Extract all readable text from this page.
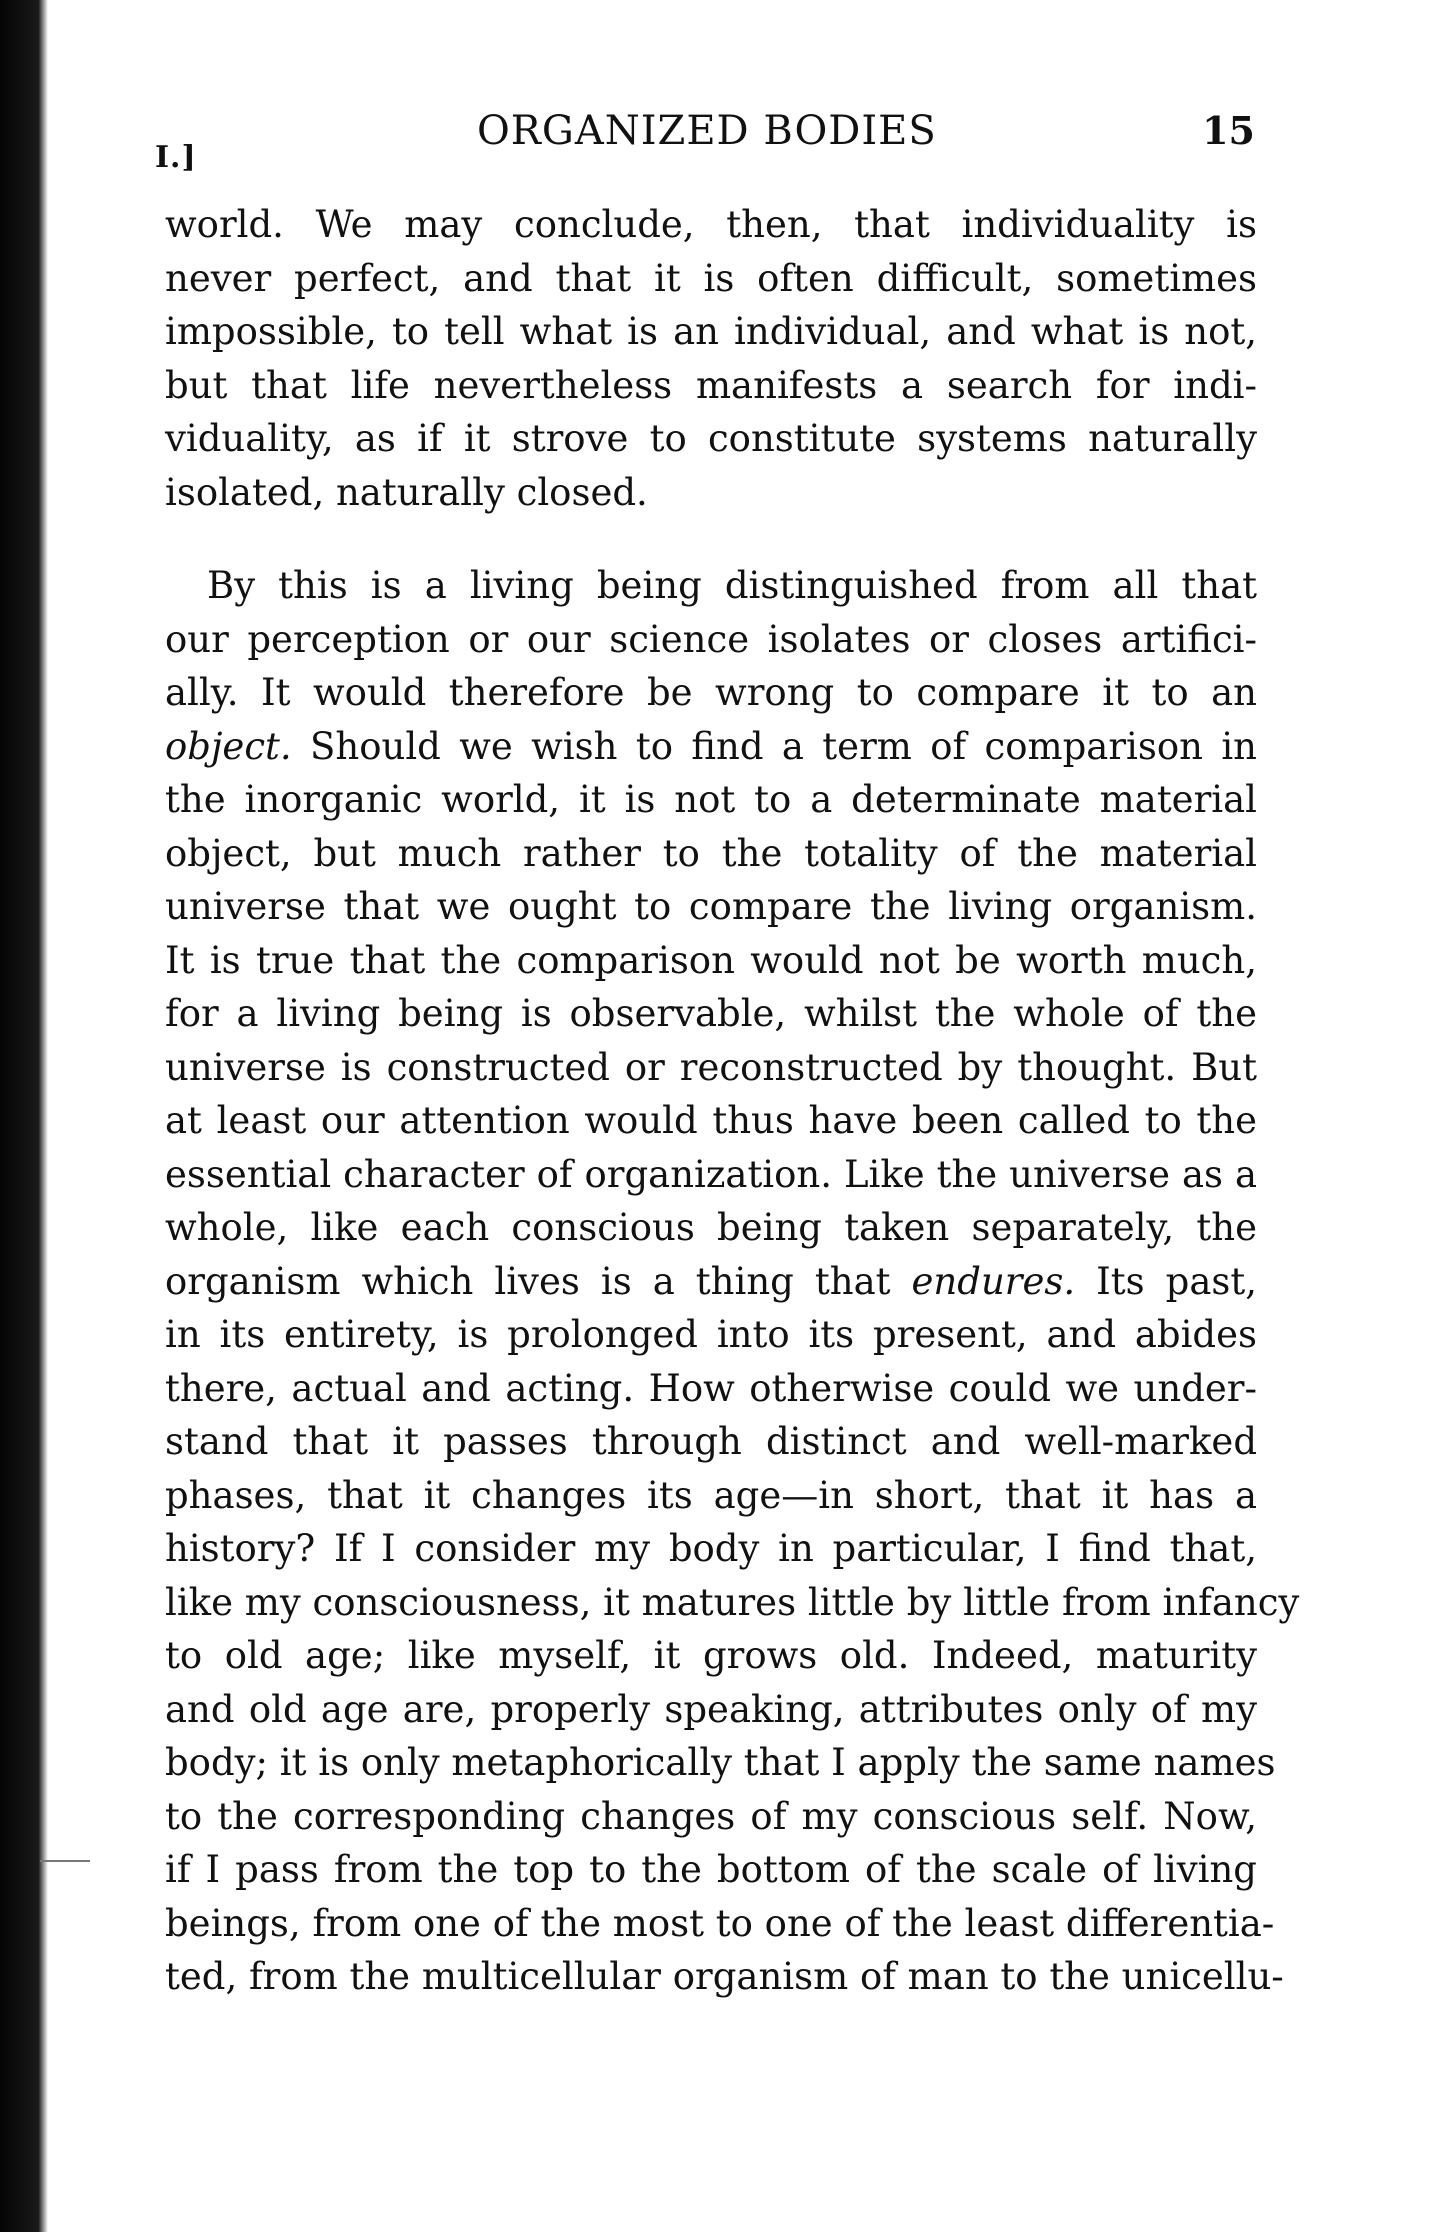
I.]
ORGANIZED BODIES	15
world. We may conclude, then, that individuality is
never perfect, and that it is often difficult, sometimes
impossible, to tell what is an individual, and what is not,
but that life nevertheless manifests a search for indi-
viduality, as if it strove to constitute systems naturally
isolated, naturally closed.
By this is a living being distinguished from all that
our perception or our science isolates or closes artifici-
ally. It would therefore be wrong to compare it to an
object. Should we wish to find a term of comparison in
the inorganic world, it is not to a determinate material
object, but much rather to the totality of the material
universe that we ought to compare the living organism.
It is true that the comparison would not be worth much,
for a living being is observable, whilst the whole of the
universe is constructed or reconstructed by thought. But
at least our attention would thus have been called to the
essential character of organization. Like the universe as a
whole, like each conscious being taken separately, the
organism which lives is a thing that endures. Its past,
in its entirety, is prolonged into its present, and abides
there, actual and acting. How otherwise could we under-
stand that it passes through distinct and well-marked
phases, that it changes its age—in short, that it has a
history? If I consider my body in particular, I find that,
like my consciousness, it matures little by little from infancy
to old age; like myself, it grows old. Indeed, maturity
and old age are, properly speaking, attributes only of my
body; it is only metaphorically that I apply the same names
to the corresponding changes of my conscious self. Now,
if I pass from the top to the bottom of the scale of living
beings, from one of the most to one of the least differentia-
ted, from the multicellular organism of man to the unicellu-
